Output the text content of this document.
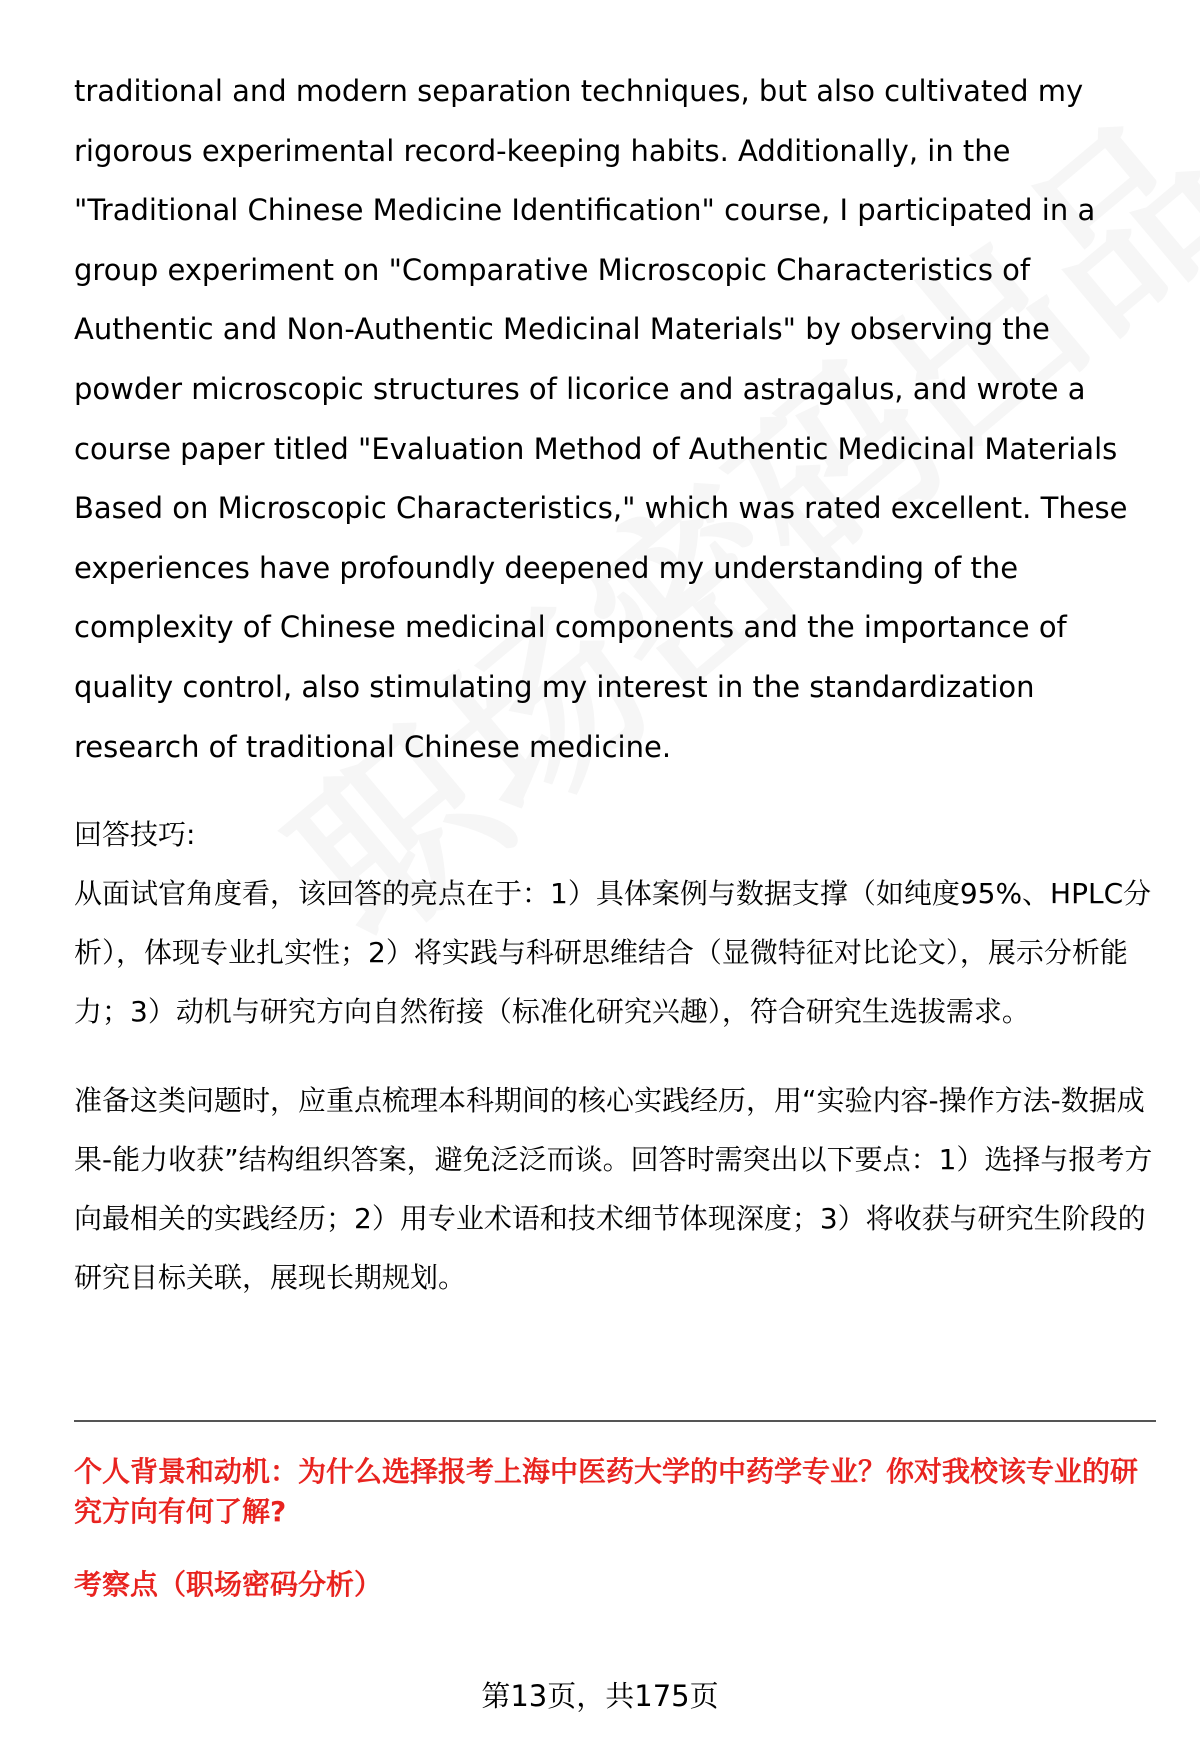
traditional and modern separation techniques, but also cultivated my rigorous experimental record-keeping habits. Additionally, in the "Traditional Chinese Medicine Identification" course, I participated in a group experiment on "Comparative Microscopic Characteristics of Authentic and Non-Authentic Medicinal Materials" by observing the powder microscopic structures of licorice and astragalus, and wrote a course paper titled "Evaluation Method of Authentic Medicinal Materials Based on Microscopic Characteristics," which was rated excellent. These experiences have profoundly deepened my understanding of the complexity of Chinese medicinal components and the importance of quality control, also stimulating my interest in the standardization research of traditional Chinese medicine.

回答技巧:

从面试官角度看，该回答的亮点在于：1）具体案例与数据支撑（如纯度95%、HPLC分析），体现专业扎实性；2）将实践与科研思维结合（显微特征对比论文），展示分析能力；3）动机与研究方向自然衔接（标准化研究兴趣），符合研究生选拔需求。

准备这类问题时，应重点梳理本科期间的核心实践经历，用“实验内容-操作方法-数据成果-能力收获”结构组织答案，避免泛泛而谈。回答时需突出以下要点：1）选择与报考方向最相关的实践经历；2）用专业术语和技术细节体现深度；3）将收获与研究生阶段的研究目标关联，展现长期规划。

个人背景和动机：为什么选择报考上海中医药大学的中药学专业？你对我校该专业的研究方向有何了解?

考察点（职场密码分析）

第13页，共175页
